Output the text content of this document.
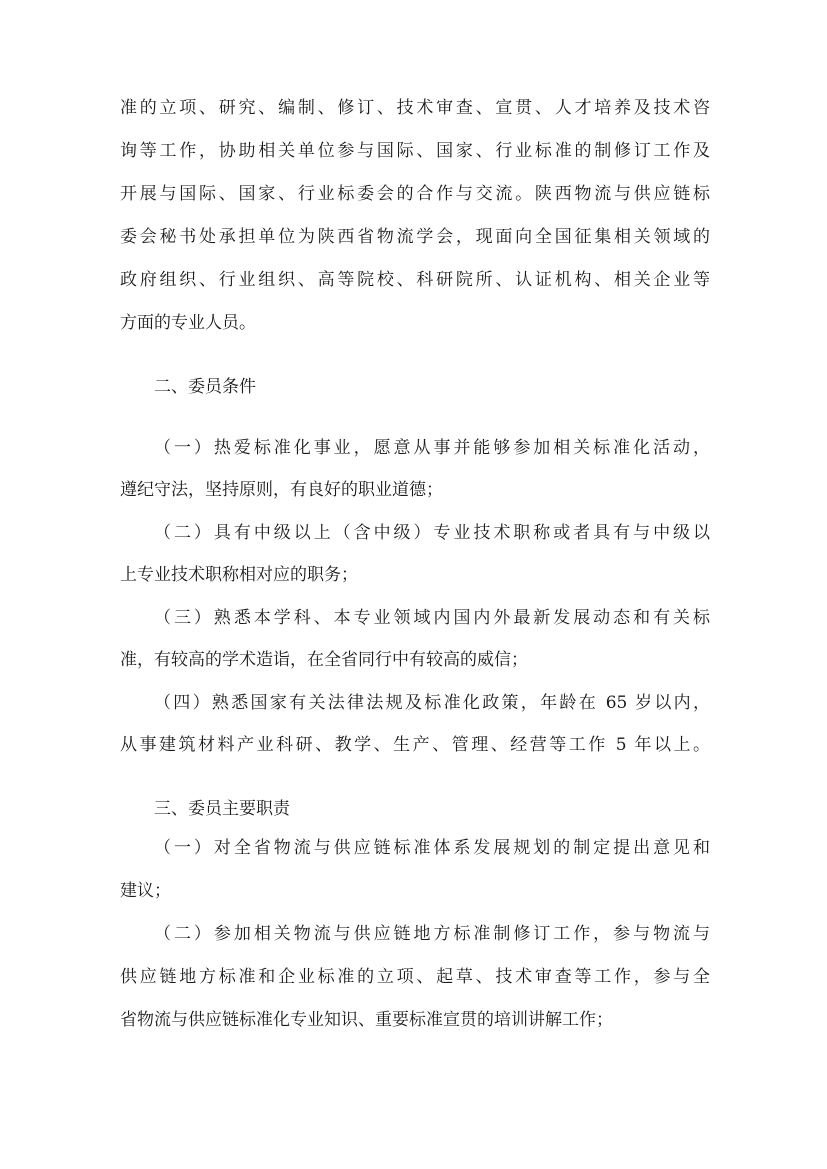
准的立项、研究、编制、修订、技术审查、宣贯、人才培养及技术咨
询等工作，协助相关单位参与国际、国家、行业标准的制修订工作及
开展与国际、国家、行业标委会的合作与交流。陕西物流与供应链标
委会秘书处承担单位为陕西省物流学会，现面向全国征集相关领域的
政府组织、行业组织、高等院校、科研院所、认证机构、相关企业等
方面的专业人员。
二、委员条件
（一）热爱标准化事业，愿意从事并能够参加相关标准化活动，
遵纪守法，坚持原则，有良好的职业道德；
（二）具有中级以上（含中级）专业技术职称或者具有与中级以
上专业技术职称相对应的职务；
（三）熟悉本学科、本专业领域内国内外最新发展动态和有关标
准，有较高的学术造诣，在全省同行中有较高的威信；
（四）熟悉国家有关法律法规及标准化政策，年龄在 65 岁以内，
从事建筑材料产业科研、教学、生产、管理、经营等工作 5 年以上。
三、委员主要职责
（一）对全省物流与供应链标准体系发展规划的制定提出意见和
建议；
（二）参加相关物流与供应链地方标准制修订工作，参与物流与
供应链地方标准和企业标准的立项、起草、技术审查等工作，参与全
省物流与供应链标准化专业知识、重要标准宣贯的培训讲解工作；
